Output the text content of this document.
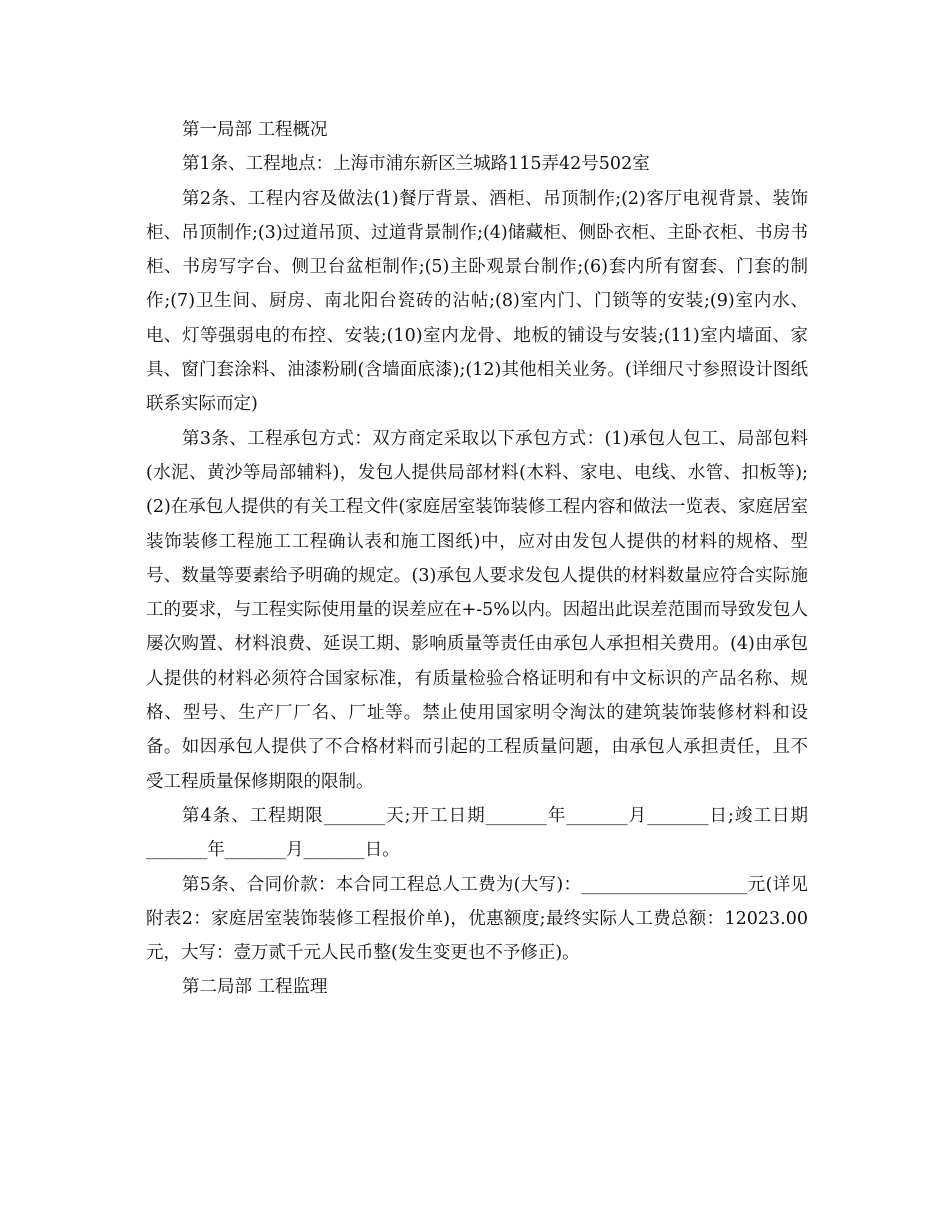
第一局部 工程概况

第1条、工程地点：上海市浦东新区兰城路115弄42号502室

第2条、工程内容及做法(1)餐厅背景、酒柜、吊顶制作;(2)客厅电视背景、装饰柜、吊顶制作;(3)过道吊顶、过道背景制作;(4)储藏柜、侧卧衣柜、主卧衣柜、书房书柜、书房写字台、侧卫台盆柜制作;(5)主卧观景台制作;(6)套内所有窗套、门套的制作;(7)卫生间、厨房、南北阳台瓷砖的沾帖;(8)室内门、门锁等的安装;(9)室内水、电、灯等强弱电的布控、安装;(10)室内龙骨、地板的铺设与安装;(11)室内墙面、家具、窗门套涂料、油漆粉刷(含墙面底漆);(12)其他相关业务。(详细尺寸参照设计图纸联系实际而定)

第3条、工程承包方式：双方商定采取以下承包方式：(1)承包人包工、局部包料(水泥、黄沙等局部辅料)，发包人提供局部材料(木料、家电、电线、水管、扣板等);(2)在承包人提供的有关工程文件(家庭居室装饰装修工程内容和做法一览表、家庭居室装饰装修工程施工工程确认表和施工图纸)中，应对由发包人提供的材料的规格、型号、数量等要素给予明确的规定。(3)承包人要求发包人提供的材料数量应符合实际施工的要求，与工程实际使用量的误差应在+-5%以内。因超出此误差范围而导致发包人屡次购置、材料浪费、延误工期、影响质量等责任由承包人承担相关费用。(4)由承包人提供的材料必须符合国家标准，有质量检验合格证明和有中文标识的产品名称、规格、型号、生产厂厂名、厂址等。禁止使用国家明令淘汰的建筑装饰装修材料和设备。如因承包人提供了不合格材料而引起的工程质量问题，由承包人承担责任，且不受工程质量保修期限的限制。

第4条、工程期限_______天;开工日期_______年_______月_______日;竣工日期_______年_______月_______日。

第5条、合同价款：本合同工程总人工费为(大写)：___________________元(详见附表2：家庭居室装饰装修工程报价单)，优惠额度;最终实际人工费总额：12023.00元，大写：壹万贰千元人民币整(发生变更也不予修正)。

第二局部 工程监理
